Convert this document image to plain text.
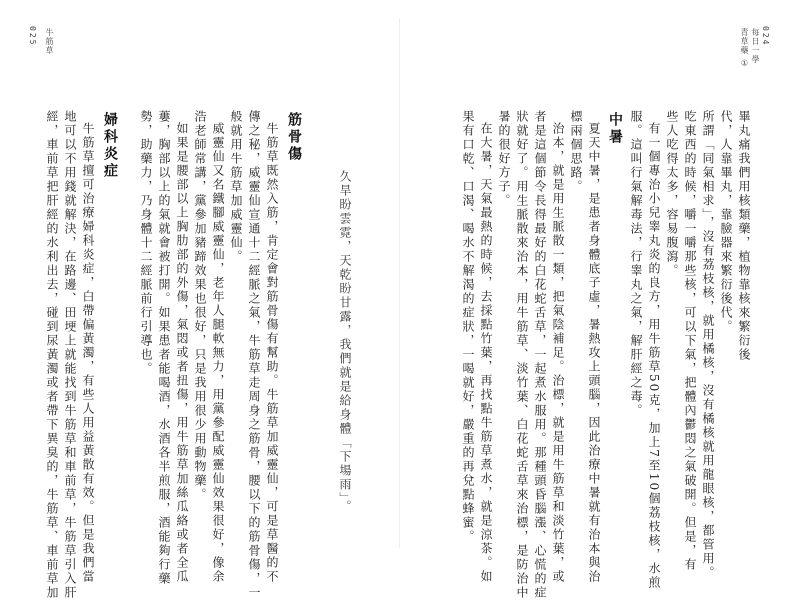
024
每日一學
青草藥 ①
025 牛筋草
畢丸痛我們用核類藥，植物靠核來繁衍後
代，人靠畢丸，靠臉器來繁衍後代。
所謂「同氣相求」，沒有荔枝核，就用橘核，沒有橘核就用龍眼核，都管用。
吃東西的時候，嚼一嚼那些核，可以下氣，把體內鬱悶之氣破開。但是，有
些人吃得太多，容易腹瀉。
有一個專治小兒睾丸炎的良方，用牛筋草50克，加上7至10個荔枝核，水煎
服。這叫行氣解毒法，行睾丸之氣，解肝經之毒。
中暑
夏天中暑，是患者身體底子虛，暑熱攻上頭腦，因此治療中暑就有治本與治
標兩個思路。
治本，就是用生脈散一類，把氣陰補足。治標，就是用牛筋草和淡竹葉，或
者是這個節令長得最好的白花蛇舌草，一起煮水服用。那種頭昏腦漲、心慌的症
狀就好了。用生脈散來治本，用牛筋草、淡竹葉、白花蛇舌草來治標，是防治中
暑的很好方子。
在大暑，天氣最熱的時候，去採點竹葉，再找點牛筋草煮水，就是涼茶。如
果有口乾、口渴、喝水不解渴的症狀，一喝就好，嚴重的再兌點蜂蜜。
久旱盼雲霓，天乾盼甘露，我們就是給身體「下場雨」。
筋骨傷
牛筋草既然入筋，肯定會對筋骨傷有幫助。牛筋草加威靈仙，可是草醫的不
傳之秘，威靈仙宣通十二經脈之氣，牛筋草走周身之筋骨，腰以下的筋骨傷，一
般就用牛筋草加威靈仙。
威靈仙又名鐵腳威靈仙，老年人腿軟無力，用黨參配威靈仙效果很好，像余
浩老師常講，黨參加豬蹄效果也很好，只是我用很少用動物藥。
如果是腰部以上胸肋部的外傷，氣悶或者扭傷，用牛筋草加絲瓜絡或者全瓜
蔞，胸部以上的氣就會被打開。如果患者能喝酒，水酒各半煎服，酒能夠行藥
勢，助藥力，乃身體十二經脈前行引導也。
婦科炎症
牛筋草擅可治療婦科炎症，白帶偏黃濁，有些人用益黃散有效。但是我們當
地可以不用錢就解決，在路邊、田埂上就能找到牛筋草和車前草，牛筋草引入肝
經，車前草把肝經的水利出去，碰到尿黃濁或者帶下異臭的，牛筋草、車前草加
